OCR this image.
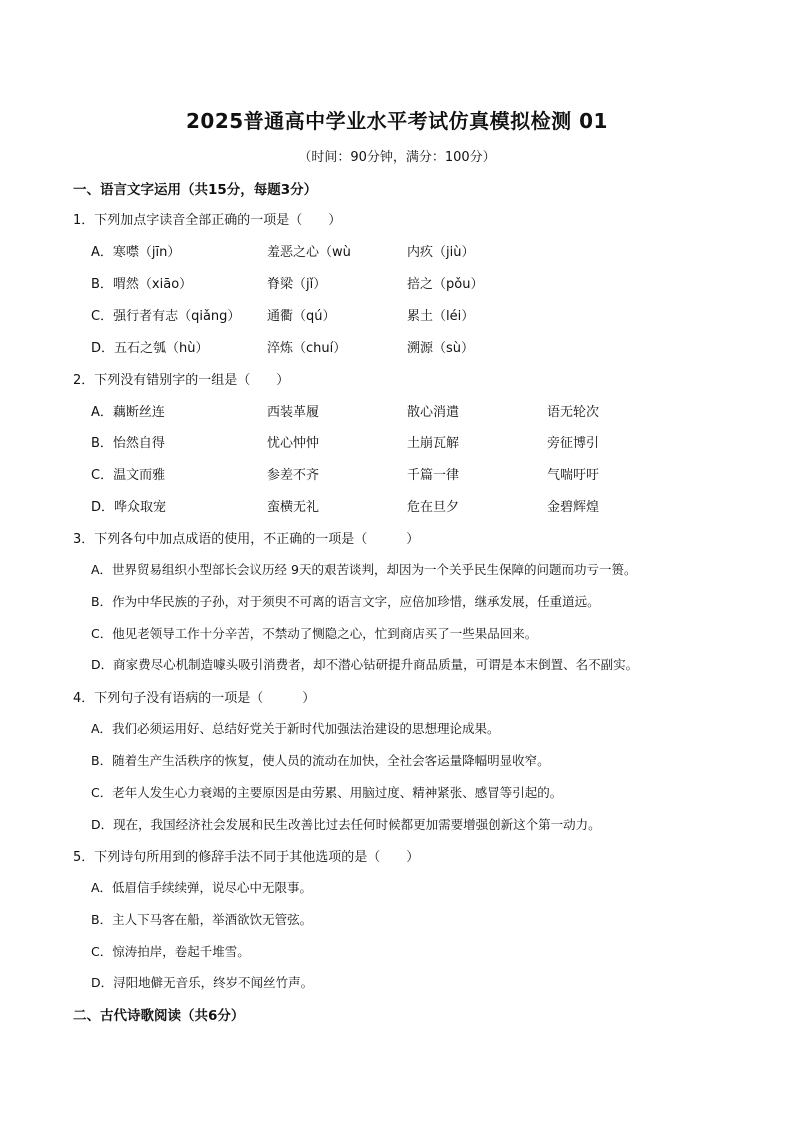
2025普通高中学业水平考试仿真模拟检测 01
（时间：90分钟，满分：100分）
一、语言文字运用（共15分，每题3分）
1．下列加点字读音全部正确的一项是（　　）
A．寒噤（jīn）	羞恶之心（wù	内疚（jiù）
B．喟然（xiāo）	脊梁（jǐ）	掊之（pǒu）
C．强行者有志（qiǎng） 通衢（qú）	累土（léi）
D．五石之瓠（hù）	淬炼（chuí）	溯源（sù）
2．下列没有错别字的一组是（　　）
A．藕断丝连	西装革履	散心消遣	语无轮次
B．怡然自得	忧心忡忡	土崩瓦解	旁征博引
C．温文而雅	参差不齐	千篇一律	气喘吁吁
D．哗众取宠	蛮横无礼	危在旦夕	金碧辉煌
3．下列各句中加点成语的使用，不正确的一项是（　　　）
A．世界贸易组织小型部长会议历经 9天的艰苦谈判，却因为一个关乎民生保障的问题而功亏一篑。
B．作为中华民族的子孙，对于须臾不可离的语言文字，应倍加珍惜，继承发展，任重道远。
C．他见老领导工作十分辛苦，不禁动了恻隐之心，忙到商店买了一些果品回来。
D．商家费尽心机制造噱头吸引消费者，却不潜心钻研提升商品质量，可谓是本末倒置、名不副实。
4．下列句子没有语病的一项是（　　　）
A．我们必须运用好、总结好党关于新时代加强法治建设的思想理论成果。
B．随着生产生活秩序的恢复，使人员的流动在加快，全社会客运量降幅明显收窄。
C．老年人发生心力衰竭的主要原因是由劳累、用脑过度、精神紧张、感冒等引起的。
D．现在，我国经济社会发展和民生改善比过去任何时候都更加需要增强创新这个第一动力。
5．下列诗句所用到的修辞手法不同于其他选项的是（　　）
A．低眉信手续续弹，说尽心中无限事。
B．主人下马客在船，举酒欲饮无管弦。
C．惊涛拍岸，卷起千堆雪。
D．浔阳地僻无音乐，终岁不闻丝竹声。
二、古代诗歌阅读（共6分）
